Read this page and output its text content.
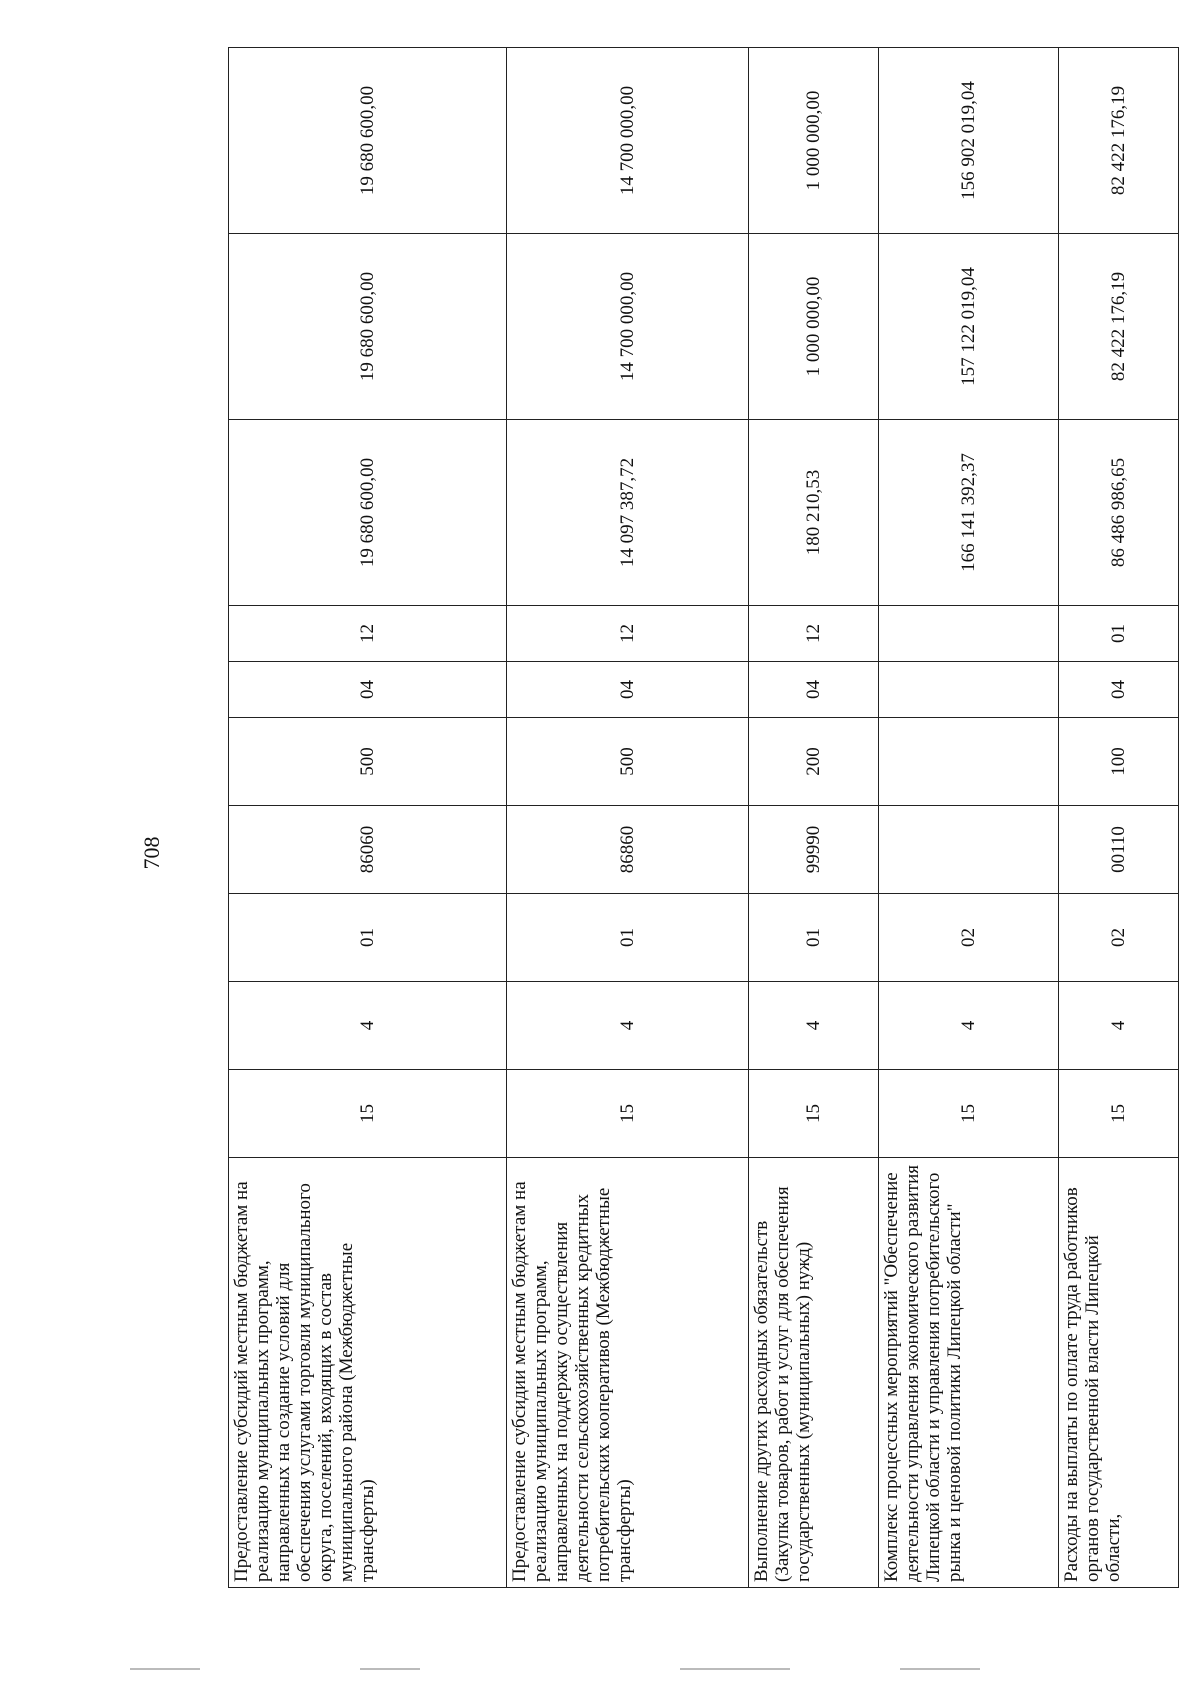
708
Предоставление субсидий местным бюджетам на реализацию муниципальных программ, направленных на создание условий для обеспечения услугами торговли муниципального округа, поселений, входящих в состав муниципального района (Межбюджетные трансферты)	15	4	01	86060	500	04	12	19 680 600,00	19 680 600,00	19 680 600,00
Предоставление субсидии местным бюджетам на реализацию муниципальных программ, направленных на поддержку осуществления деятельности сельскохозяйственных кредитных потребительских кооперативов (Межбюджетные трансферты)	15	4	01	86860	500	04	12	14 097 387,72	14 700 000,00	14 700 000,00
Выполнение других расходных обязательств (Закупка товаров, работ и услуг для обеспечения государственных (муниципальных) нужд)	15	4	01	99990	200	04	12	180 210,53	1 000 000,00	1 000 000,00
Комплекс процессных мероприятий "Обеспечение деятельности управления экономического развития Липецкой области и управления потребительского рынка и ценовой политики Липецкой области"	15	4	02					166 141 392,37	157 122 019,04	156 902 019,04
Расходы на выплаты по оплате труда работников органов государственной власти Липецкой области,	15	4	02	00110	100	04	01	86 486 986,65	82 422 176,19	82 422 176,19
